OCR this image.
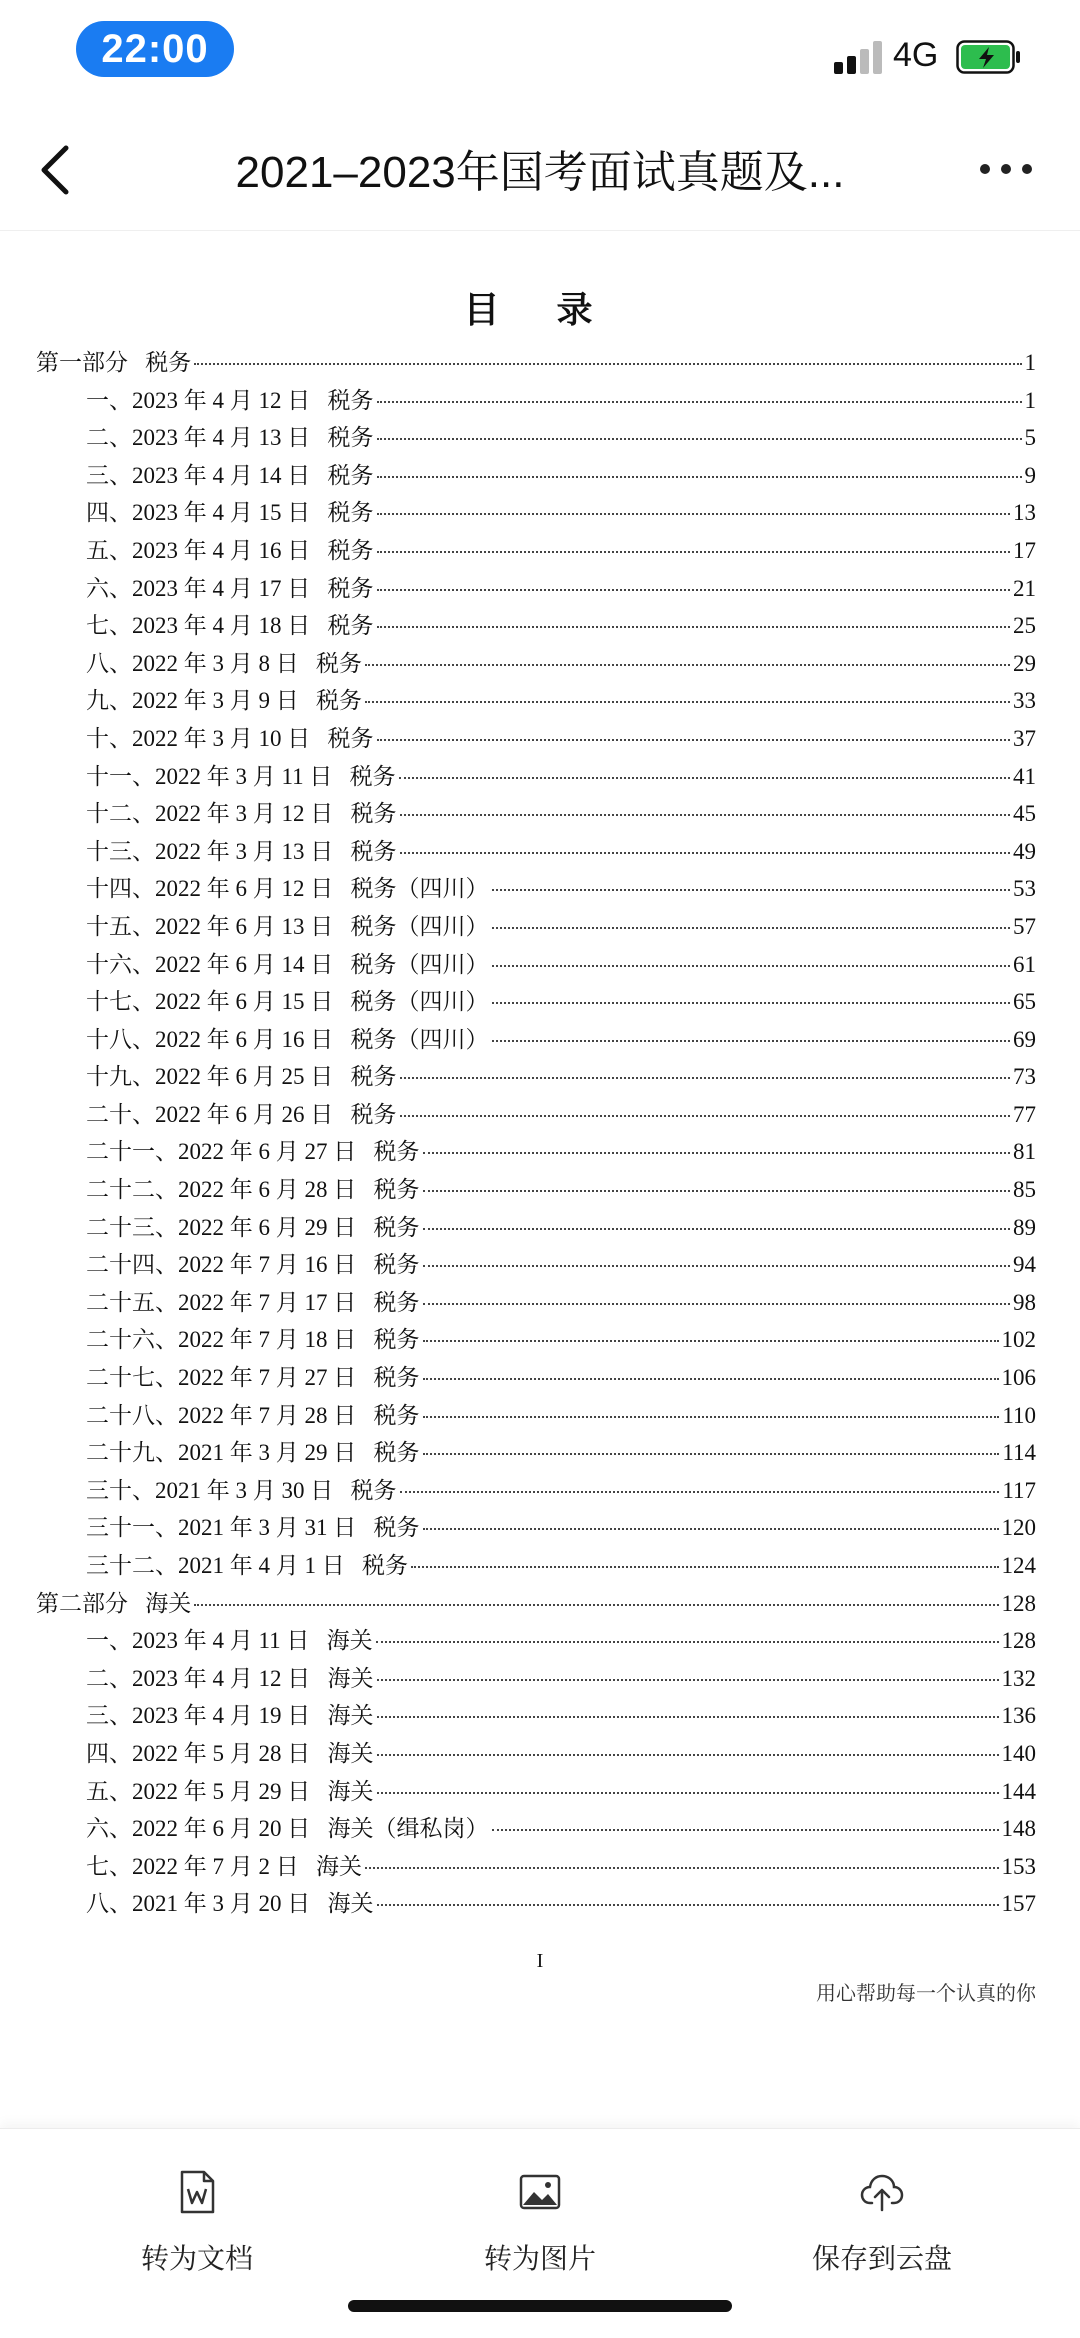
22:00	4G
2021–2023年国考面试真题及...
目 录
第一部分   税务	1
一、2023 年 4 月 12 日   税务	1
二、2023 年 4 月 13 日   税务	5
三、2023 年 4 月 14 日   税务	9
四、2023 年 4 月 15 日   税务	13
五、2023 年 4 月 16 日   税务	17
六、2023 年 4 月 17 日   税务	21
七、2023 年 4 月 18 日   税务	25
八、2022 年 3 月 8 日   税务	29
九、2022 年 3 月 9 日   税务	33
十、2022 年 3 月 10 日   税务	37
十一、2022 年 3 月 11 日   税务	41
十二、2022 年 3 月 12 日   税务	45
十三、2022 年 3 月 13 日   税务	49
十四、2022 年 6 月 12 日   税务（四川）	53
十五、2022 年 6 月 13 日   税务（四川）	57
十六、2022 年 6 月 14 日   税务（四川）	61
十七、2022 年 6 月 15 日   税务（四川）	65
十八、2022 年 6 月 16 日   税务（四川）	69
十九、2022 年 6 月 25 日   税务	73
二十、2022 年 6 月 26 日   税务	77
二十一、2022 年 6 月 27 日   税务	81
二十二、2022 年 6 月 28 日   税务	85
二十三、2022 年 6 月 29 日   税务	89
二十四、2022 年 7 月 16 日   税务	94
二十五、2022 年 7 月 17 日   税务	98
二十六、2022 年 7 月 18 日   税务	102
二十七、2022 年 7 月 27 日   税务	106
二十八、2022 年 7 月 28 日   税务	110
二十九、2021 年 3 月 29 日   税务	114
三十、2021 年 3 月 30 日   税务	117
三十一、2021 年 3 月 31 日   税务	120
三十二、2021 年 4 月 1 日   税务	124
第二部分   海关	128
一、2023 年 4 月 11 日   海关	128
二、2023 年 4 月 12 日   海关	132
三、2023 年 4 月 19 日   海关	136
四、2022 年 5 月 28 日   海关	140
五、2022 年 5 月 29 日   海关	144
六、2022 年 6 月 20 日   海关（缉私岗）	148
七、2022 年 7 月 2 日   海关	153
八、2021 年 3 月 20 日   海关	157
I
用心帮助每一个认真的你
转为文档	转为图片	保存到云盘
